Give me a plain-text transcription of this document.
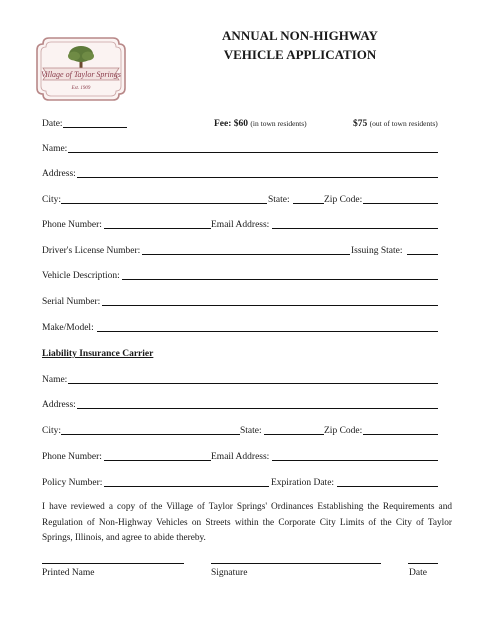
Village of Taylor Springs
Est. 1909
ANNUAL NON-HIGHWAY
VEHICLE APPLICATION
Date:	Fee: $60 (in town residents)	$75 (out of town residents)
Name:
Address:
City:	State:	Zip Code:
Phone Number:	Email Address:
Driver's License Number:	Issuing State:
Vehicle Description:
Serial Number:
Make/Model:
Liability Insurance Carrier
Name:
Address:
City:	State:	Zip Code:
Phone Number:	Email Address:
Policy Number:	Expiration Date:
I have reviewed a copy of the Village of Taylor Springs' Ordinances Establishing the Requirements and Regulation of Non-Highway Vehicles on Streets within the Corporate City Limits of the City of Taylor Springs, Illinois, and agree to abide thereby.
Printed Name	Signature	Date
